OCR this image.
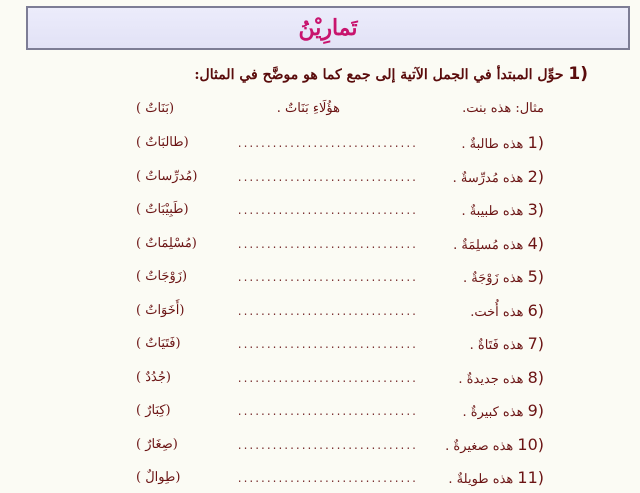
تَمارِيْنُ
(1 حوِّل المبتدأ في الجمل الآتية إلى جمع كما هو موضَّح في المثال:
مثال: هذه بنت.
هؤُلَاءِ بَنَاتٌ .
(بَنَاتٌ )
(1 هذه طالبةٌ .
...............................
(طالبَاتٌ )
(2 هذه مُدرِّسةٌ .
...............................
(مُدرِّساتٌ )
(3 هذه طبيبةٌ .
...............................
(طَبِيْبَاتٌ )
(4 هذه مُسلِمَةٌ .
...............................
(مُسْلِمَاتٌ )
(5 هذه زَوْجَةٌ .
...............................
(زَوْجَاتٌ )
(6 هذه أُخت.
...............................
(أَخَوَاتٌ )
(7 هذه فَتَاةٌ .
...............................
(فَتَيَاتٌ )
(8 هذه جديدةٌ .
...............................
(جُدُدٌ )
(9 هذه كبيرةٌ .
...............................
(كِبَارٌ )
(10 هذه صغيرةٌ .
...............................
(صِغَارٌ )
(11 هذه طويلةٌ .
...............................
(طِوالٌ )
